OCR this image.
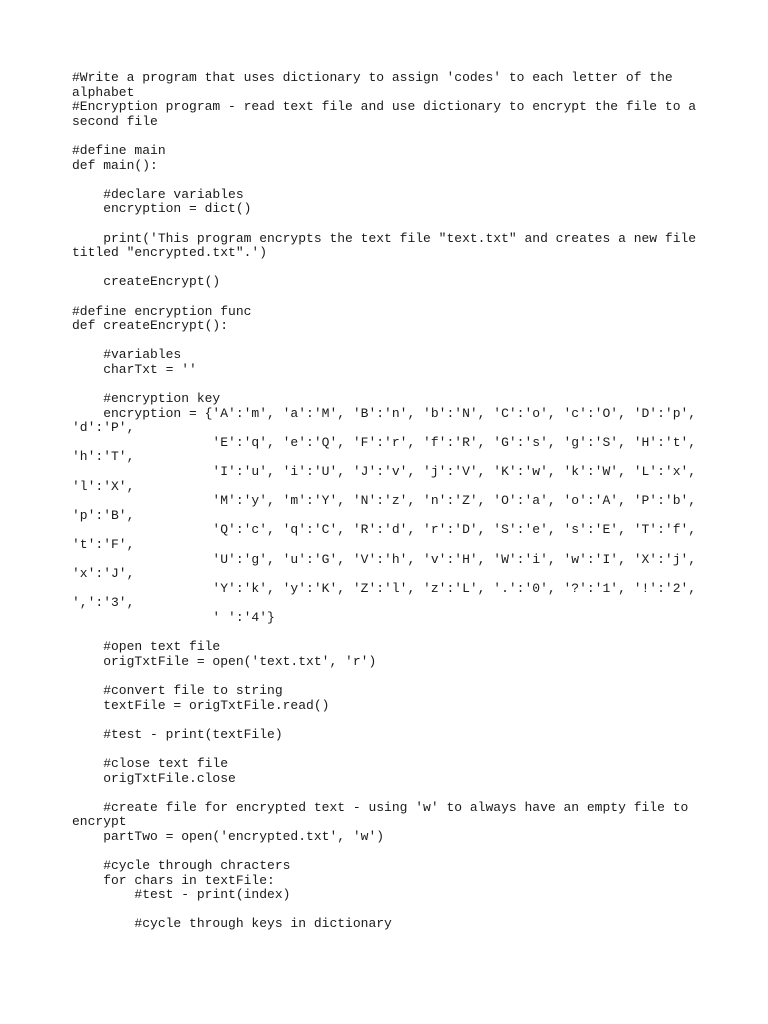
#Write a program that uses dictionary to assign 'codes' to each letter of the
alphabet
#Encryption program - read text file and use dictionary to encrypt the file to a
second file
#define main
def main():
#declare variables
encryption = dict()
print('This program encrypts the text file "text.txt" and creates a new file
titled "encrypted.txt".')
createEncrypt()
#define encryption func
def createEncrypt():
#variables
charTxt = ''
#encryption key
encryption = {'A':'m', 'a':'M', 'B':'n', 'b':'N', 'C':'o', 'c':'O', 'D':'p',
'd':'P',
'E':'q', 'e':'Q', 'F':'r', 'f':'R', 'G':'s', 'g':'S', 'H':'t',
'h':'T',
'I':'u', 'i':'U', 'J':'v', 'j':'V', 'K':'w', 'k':'W', 'L':'x',
'l':'X',
'M':'y', 'm':'Y', 'N':'z', 'n':'Z', 'O':'a', 'o':'A', 'P':'b',
'p':'B',
'Q':'c', 'q':'C', 'R':'d', 'r':'D', 'S':'e', 's':'E', 'T':'f',
't':'F',
'U':'g', 'u':'G', 'V':'h', 'v':'H', 'W':'i', 'w':'I', 'X':'j',
'x':'J',
'Y':'k', 'y':'K', 'Z':'l', 'z':'L', '.':'0', '?':'1', '!':'2',
',':'3',
' ':'4'}
#open text file
origTxtFile = open('text.txt', 'r')
#convert file to string
textFile = origTxtFile.read()
#test - print(textFile)
#close text file
origTxtFile.close
#create file for encrypted text - using 'w' to always have an empty file to
encrypt
partTwo = open('encrypted.txt', 'w')
#cycle through chracters
for chars in textFile:
#test - print(index)
#cycle through keys in dictionary
